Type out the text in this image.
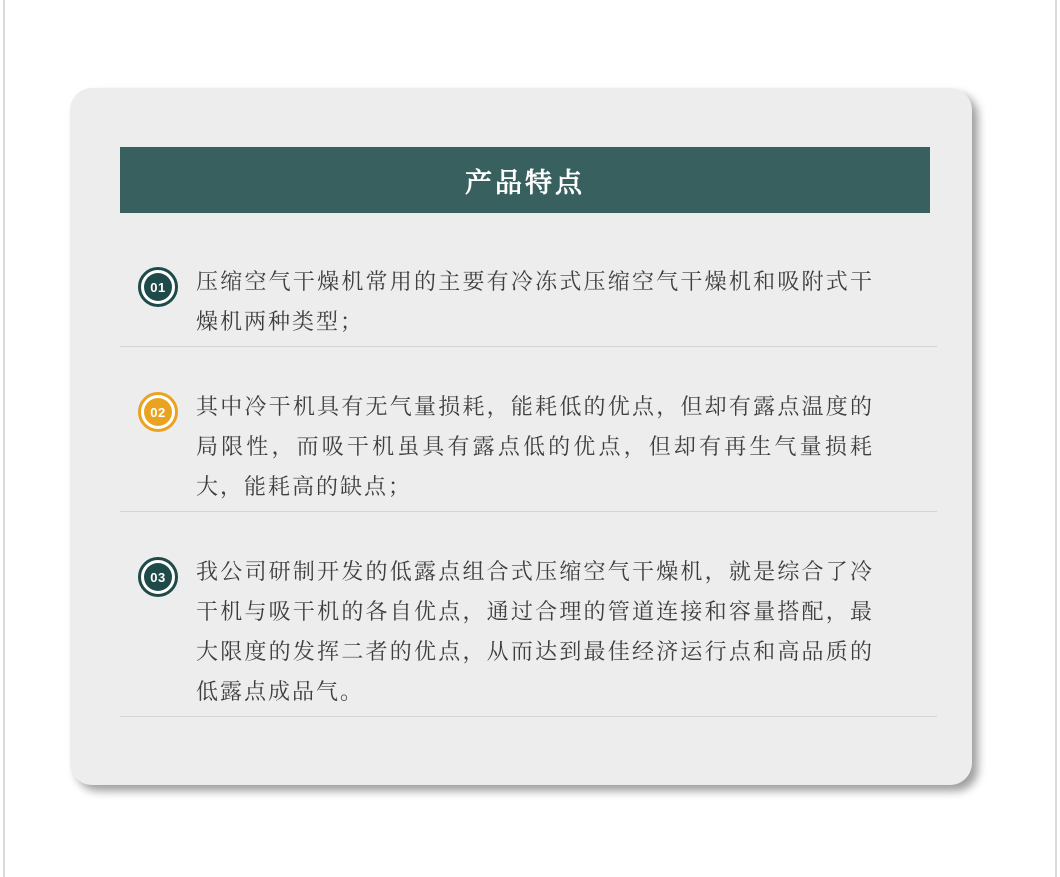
产品特点
01 压缩空气干燥机常用的主要有冷冻式压缩空气干燥机和吸附式干燥机两种类型；
02 其中冷干机具有无气量损耗，能耗低的优点，但却有露点温度的局限性，而吸干机虽具有露点低的优点，但却有再生气量损耗大，能耗高的缺点；
03 我公司研制开发的低露点组合式压缩空气干燥机，就是综合了冷干机与吸干机的各自优点，通过合理的管道连接和容量搭配，最大限度的发挥二者的优点，从而达到最佳经济运行点和高品质的低露点成品气。
